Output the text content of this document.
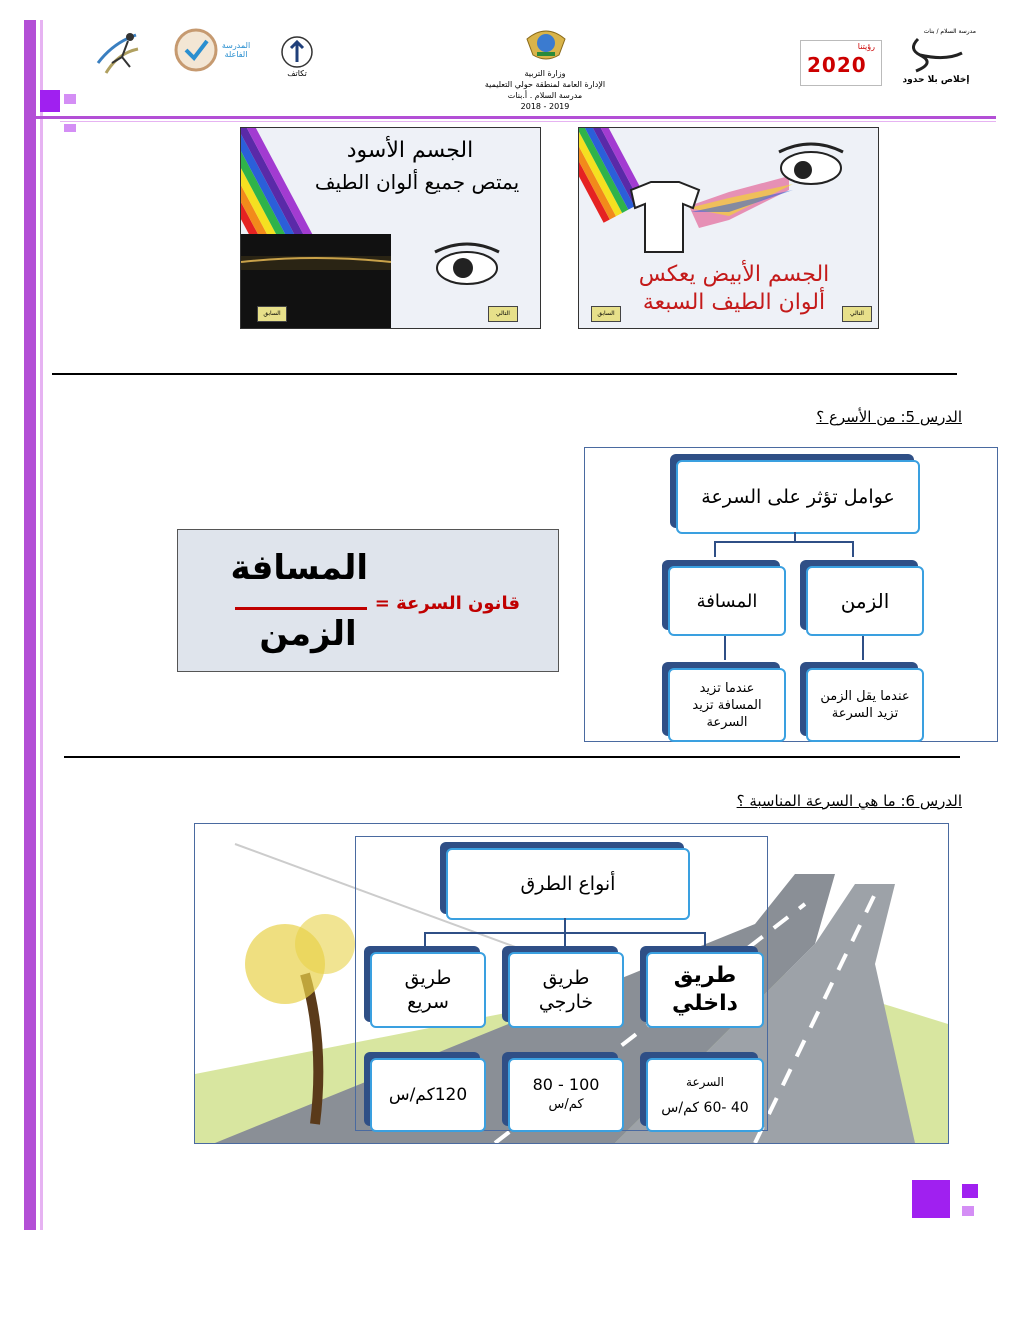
المدرسة الفاعلة
تكاتف	وزارة التربية
الإدارة العامة لمنطقة حولي التعليمية
مدرسة السلام . أ.بنات
2018 - 2019
رؤيتنا
2020
مدرسة السلام / بنات
إخلاص بلا حدود
الجسم الأسود
يمتص جميع ألوان الطيف
السابق	التالي
الجسم الأبيض يعكس
ألوان الطيف السبعة
السابق	التالي
الدرس 5: من الأسرع ؟
عوامل تؤثر على السرعة
المسافة	الزمن
عندما تزيد المسافة تزيد السرعة
عندما يقل الزمن تزيد السرعة
قانون السرعة =
المسافة
الزمن
الدرس 6: ما هي السرعة المناسبة ؟
أنواع الطرق
طريق سريع
طريق خارجي
طريق داخلي
120كم/س
80 - 100
كم/س
السرعة
40 -60 كم/س
